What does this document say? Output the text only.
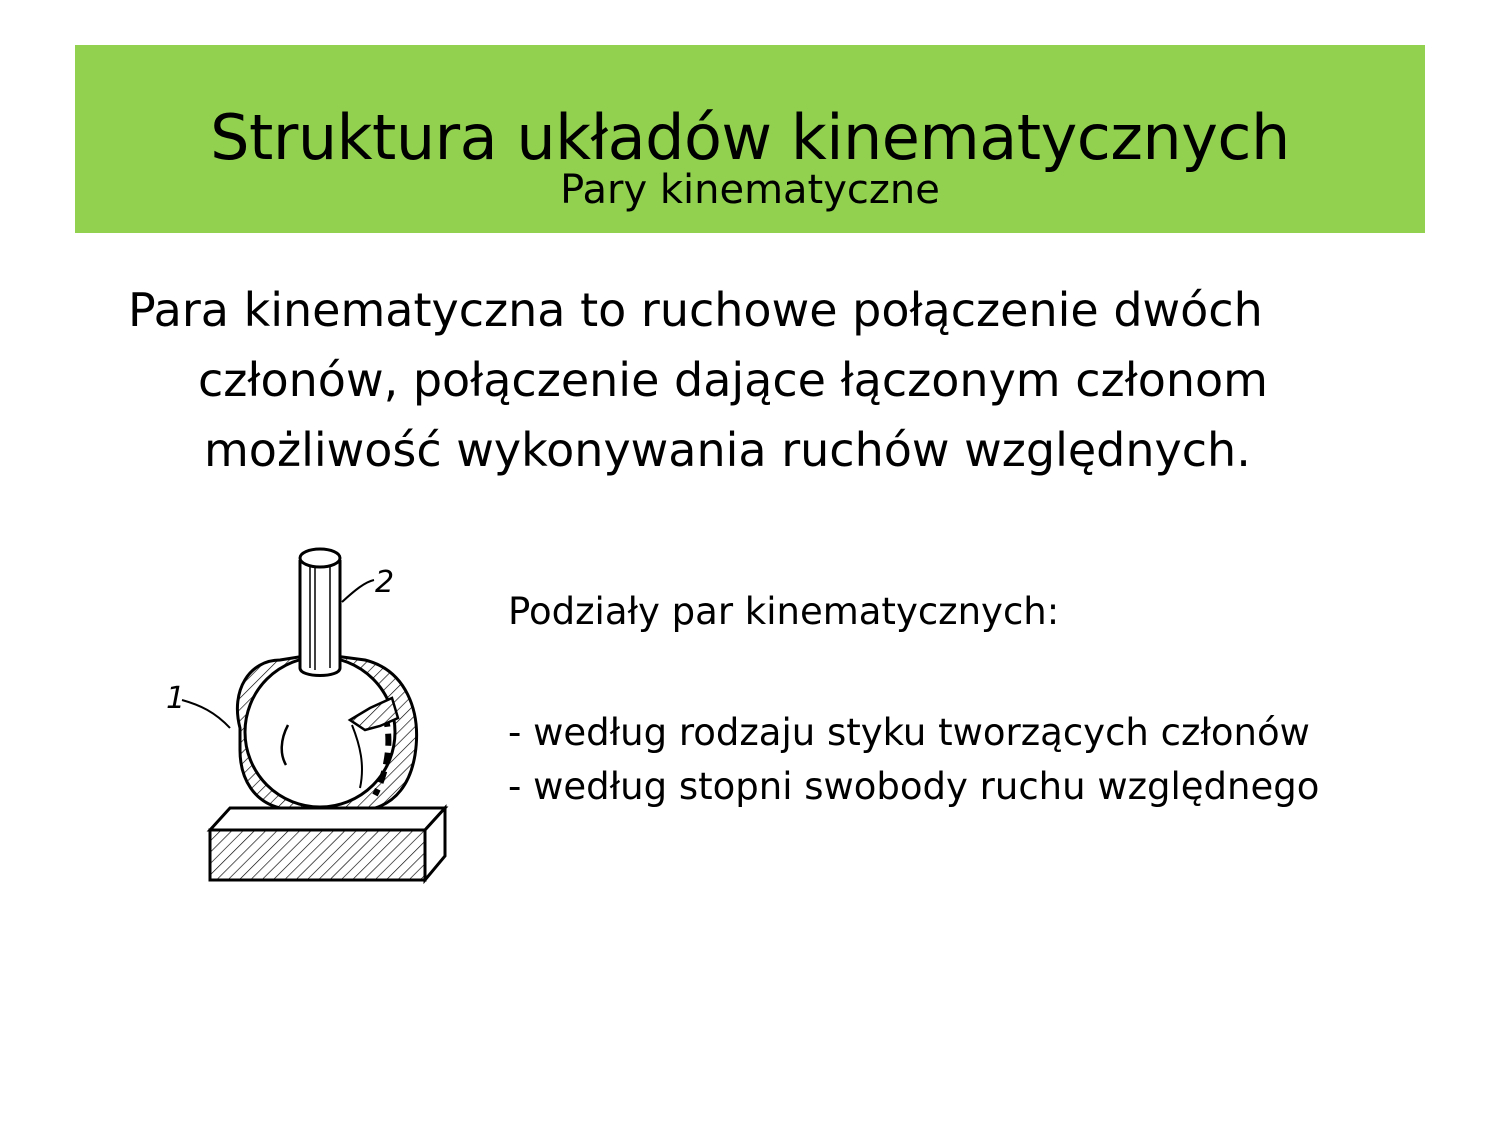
Struktura układów kinematycznych
Pary kinematyczne
Para kinematyczna to ruchowe połączenie dwóch
członów, połączenie dające łączonym członom
możliwość wykonywania ruchów względnych.
2
1
Podziały par kinematycznych:
- według rodzaju styku tworzących członów
- według stopni swobody ruchu względnego
